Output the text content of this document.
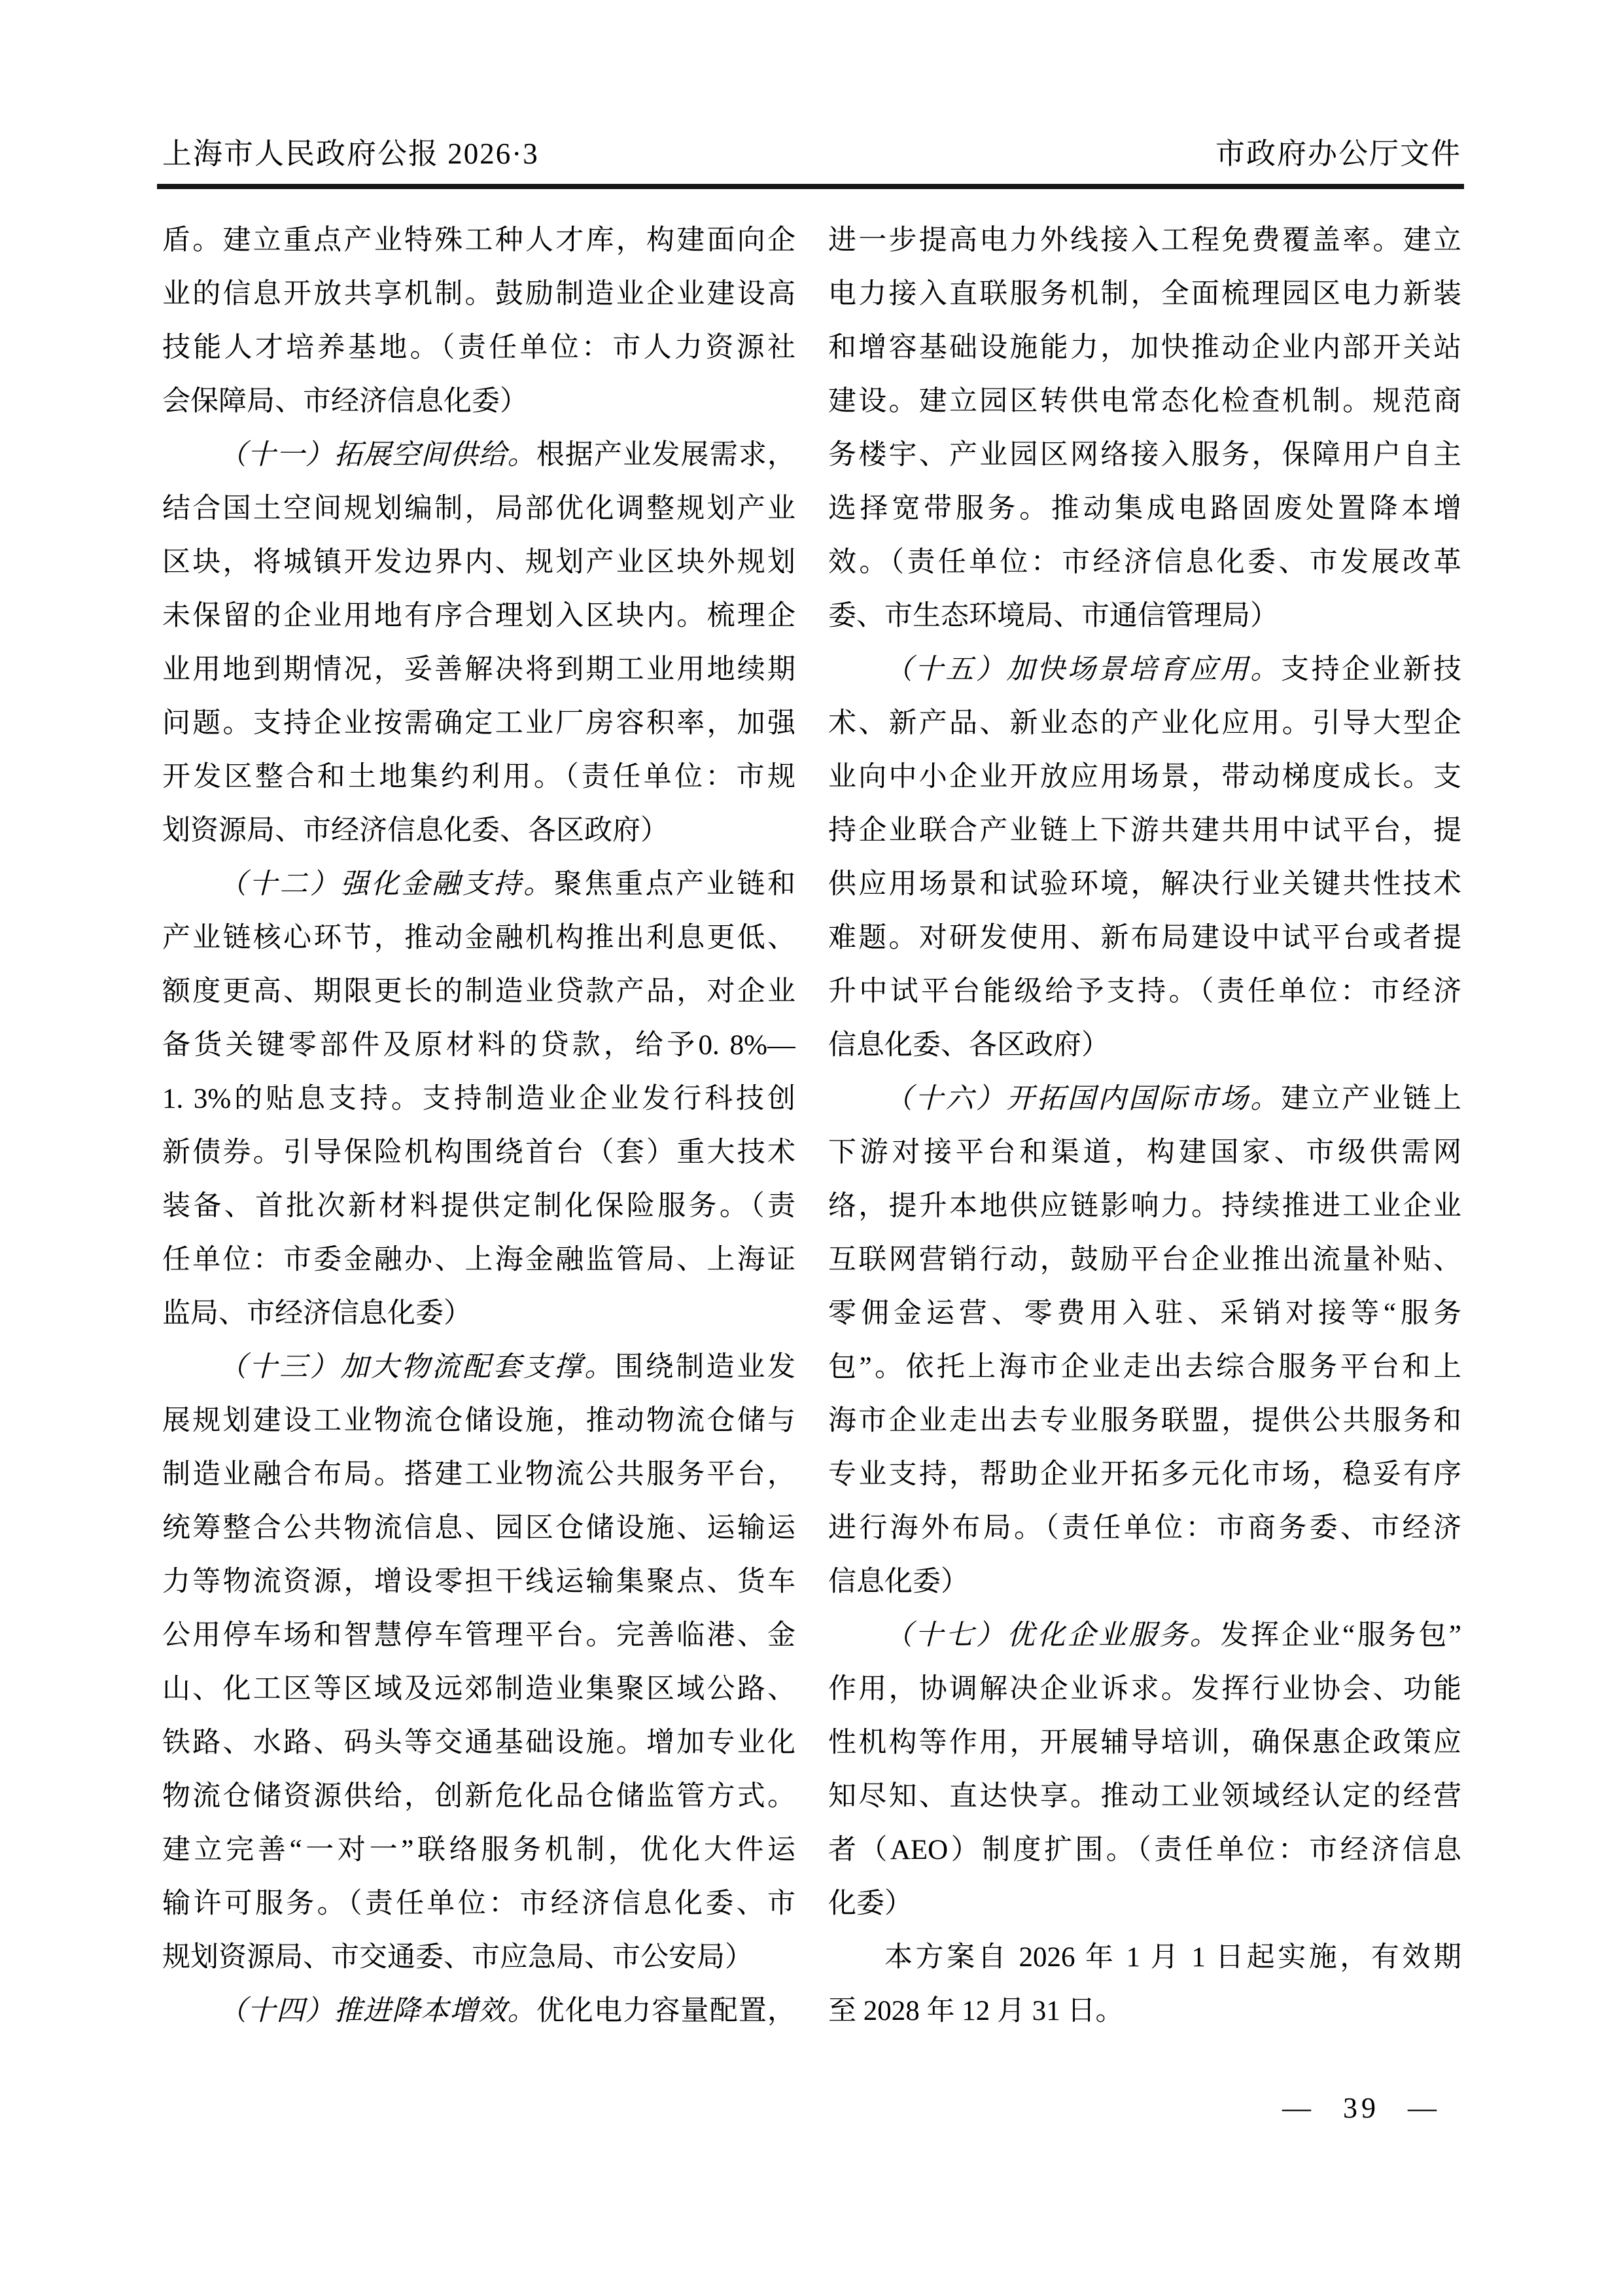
上海市人民政府公报 2026·3	市政府办公厅文件
盾。建立重点产业特殊工种人才库，构建面向企
业的信息开放共享机制。鼓励制造业企业建设高
技能人才培养基地。（责任单位：市人力资源社
会保障局、市经济信息化委）
（十一）拓展空间供给。根据产业发展需求，
结合国土空间规划编制，局部优化调整规划产业
区块，将城镇开发边界内、规划产业区块外规划
未保留的企业用地有序合理划入区块内。梳理企
业用地到期情况，妥善解决将到期工业用地续期
问题。支持企业按需确定工业厂房容积率，加强
开发区整合和土地集约利用。（责任单位：市规
划资源局、市经济信息化委、各区政府）
（十二）强化金融支持。聚焦重点产业链和
产业链核心环节，推动金融机构推出利息更低、
额度更高、期限更长的制造业贷款产品，对企业
备货关键零部件及原材料的贷款，给予0. 8%—
1. 3%的贴息支持。支持制造业企业发行科技创
新债券。引导保险机构围绕首台（套）重大技术
装备、首批次新材料提供定制化保险服务。（责
任单位：市委金融办、上海金融监管局、上海证
监局、市经济信息化委）
（十三）加大物流配套支撑。围绕制造业发
展规划建设工业物流仓储设施，推动物流仓储与
制造业融合布局。搭建工业物流公共服务平台，
统筹整合公共物流信息、园区仓储设施、运输运
力等物流资源，增设零担干线运输集聚点、货车
公用停车场和智慧停车管理平台。完善临港、金
山、化工区等区域及远郊制造业集聚区域公路、
铁路、水路、码头等交通基础设施。增加专业化
物流仓储资源供给，创新危化品仓储监管方式。
建立完善“一对一”联络服务机制，优化大件运
输许可服务。（责任单位：市经济信息化委、市
规划资源局、市交通委、市应急局、市公安局）
（十四）推进降本增效。优化电力容量配置，
进一步提高电力外线接入工程免费覆盖率。建立
电力接入直联服务机制，全面梳理园区电力新装
和增容基础设施能力，加快推动企业内部开关站
建设。建立园区转供电常态化检查机制。规范商
务楼宇、产业园区网络接入服务，保障用户自主
选择宽带服务。推动集成电路固废处置降本增
效。（责任单位：市经济信息化委、市发展改革
委、市生态环境局、市通信管理局）
（十五）加快场景培育应用。支持企业新技
术、新产品、新业态的产业化应用。引导大型企
业向中小企业开放应用场景，带动梯度成长。支
持企业联合产业链上下游共建共用中试平台，提
供应用场景和试验环境，解决行业关键共性技术
难题。对研发使用、新布局建设中试平台或者提
升中试平台能级给予支持。（责任单位：市经济
信息化委、各区政府）
（十六）开拓国内国际市场。建立产业链上
下游对接平台和渠道，构建国家、市级供需网
络，提升本地供应链影响力。持续推进工业企业
互联网营销行动，鼓励平台企业推出流量补贴、
零佣金运营、零费用入驻、采销对接等“服务
包”。依托上海市企业走出去综合服务平台和上
海市企业走出去专业服务联盟，提供公共服务和
专业支持，帮助企业开拓多元化市场，稳妥有序
进行海外布局。（责任单位：市商务委、市经济
信息化委）
（十七）优化企业服务。发挥企业“服务包”
作用，协调解决企业诉求。发挥行业协会、功能
性机构等作用，开展辅导培训，确保惠企政策应
知尽知、直达快享。推动工业领域经认定的经营
者（AEO）制度扩围。（责任单位：市经济信息
化委）
本方案自 2026 年 1 月 1 日起实施，有效期
至 2028 年 12 月 31 日。
— 39 —
